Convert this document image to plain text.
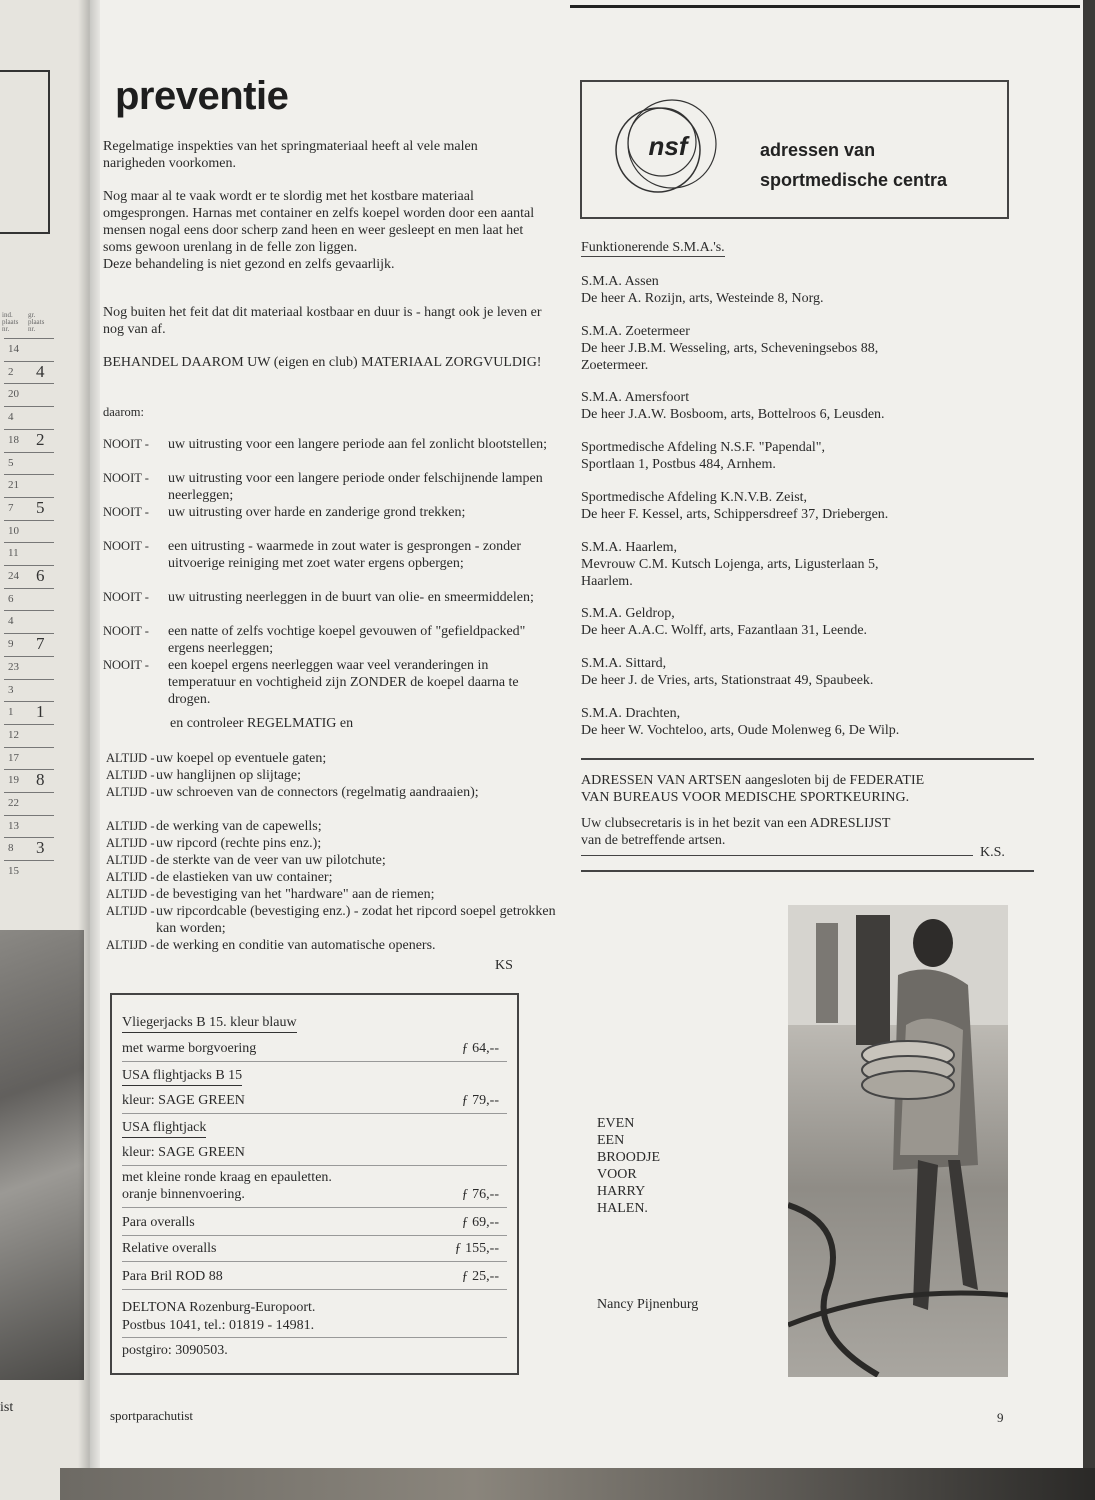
ind. plaats nr.
gr. plaats nr.
14
2 4
20
4
18 2
5
21
7 5
10
11
24 6
6
4
9 7
23
3
1 1
12
17
19 8
22
13
8 3
15
ist
preventie

Regelmatige inspekties van het springmateriaal heeft al vele malen narigheden voorkomen.

Nog maar al te vaak wordt er te slordig met het kostbare materiaal omgesprongen. Harnas met container en zelfs koepel worden door een aantal mensen nogal eens door scherp zand heen en weer gesleept en men laat het soms gewoon urenlang in de felle zon liggen.

Deze behandeling is niet gezond en zelfs gevaarlijk.

Nog buiten het feit dat dit materiaal kostbaar en duur is - hangt ook je leven er nog van af.

BEHANDEL DAAROM UW (eigen en club) MATERIAAL ZORGVULDIG!

daarom:

NOOIT - uw uitrusting voor een langere periode aan fel zonlicht blootstellen;
NOOIT - uw uitrusting voor een langere periode onder felschijnende lampen neerleggen;
NOOIT - uw uitrusting over harde en zanderige grond trekken;
NOOIT - een uitrusting - waarmede in zout water is gesprongen - zonder uitvoerige reiniging met zoet water ergens opbergen;
NOOIT - uw uitrusting neerleggen in de buurt van olie- en smeermiddelen;
NOOIT - een natte of zelfs vochtige koepel gevouwen of "gefieldpacked" ergens neerleggen;
NOOIT - een koepel ergens neerleggen waar veel veranderingen in temperatuur en vochtigheid zijn ZONDER de koepel daarna te drogen.
en controleer REGELMATIG en
ALTIJD - uw koepel op eventuele gaten;
ALTIJD - uw hanglijnen op slijtage;
ALTIJD - uw schroeven van de connectors (regelmatig aandraaien);
ALTIJD - de werking van de capewells;
ALTIJD - uw ripcord (rechte pins enz.);
ALTIJD - de sterkte van de veer van uw pilotchute;
ALTIJD - de elastieken van uw container;
ALTIJD - de bevestiging van het "hardware" aan de riemen;
ALTIJD - uw ripcordcable (bevestiging enz.) - zodat het ripcord soepel getrokken kan worden;
ALTIJD - de werking en conditie van automatische openers.
KS
Vliegerjacks B 15. kleur blauw
met warme borgvoering	ƒ 64,--
USA flightjacks B 15
kleur: SAGE GREEN	ƒ 79,--
USA flightjack
kleur: SAGE GREEN
met kleine ronde kraag en epauletten.
oranje binnenvoering.	ƒ 76,--
Para overalls	ƒ 69,--
Relative overalls	ƒ 155,--
Para Bril ROD 88	ƒ 25,--
DELTONA Rozenburg-Europoort.
Postbus 1041, tel.: 01819 - 14981.
postgiro: 3090503.
nsf	adressen van
sportmedische centra
Funktionerende S.M.A.'s.

S.M.A. Assen

De heer A. Rozijn, arts, Westeinde 8, Norg.

S.M.A. Zoetermeer

De heer J.B.M. Wesseling, arts, Scheveningsebos 88,

Zoetermeer.

S.M.A. Amersfoort

De heer J.A.W. Bosboom, arts, Bottelroos 6, Leusden.

Sportmedische Afdeling N.S.F. "Papendal",

Sportlaan 1, Postbus 484, Arnhem.

Sportmedische Afdeling K.N.V.B. Zeist,

De heer F. Kessel, arts, Schippersdreef 37, Driebergen.

S.M.A. Haarlem,

Mevrouw C.M. Kutsch Lojenga, arts, Ligusterlaan 5,

Haarlem.

S.M.A. Geldrop,

De heer A.A.C. Wolff, arts, Fazantlaan 31, Leende.

S.M.A. Sittard,

De heer J. de Vries, arts, Stationstraat 49, Spaubeek.

S.M.A. Drachten,

De heer W. Vochteloo, arts, Oude Molenweg 6, De Wilp.

ADRESSEN VAN ARTSEN aangesloten bij de FEDERATIE

VAN BUREAUS VOOR MEDISCHE SPORTKEURING.

Uw clubsecretaris is in het bezit van een ADRESLIJST

van de betreffende artsen.

K.S.
EVEN
EEN
BROODJE
VOOR
HARRY
HALEN.
Nancy Pijnenburg
sportparachutist	9
